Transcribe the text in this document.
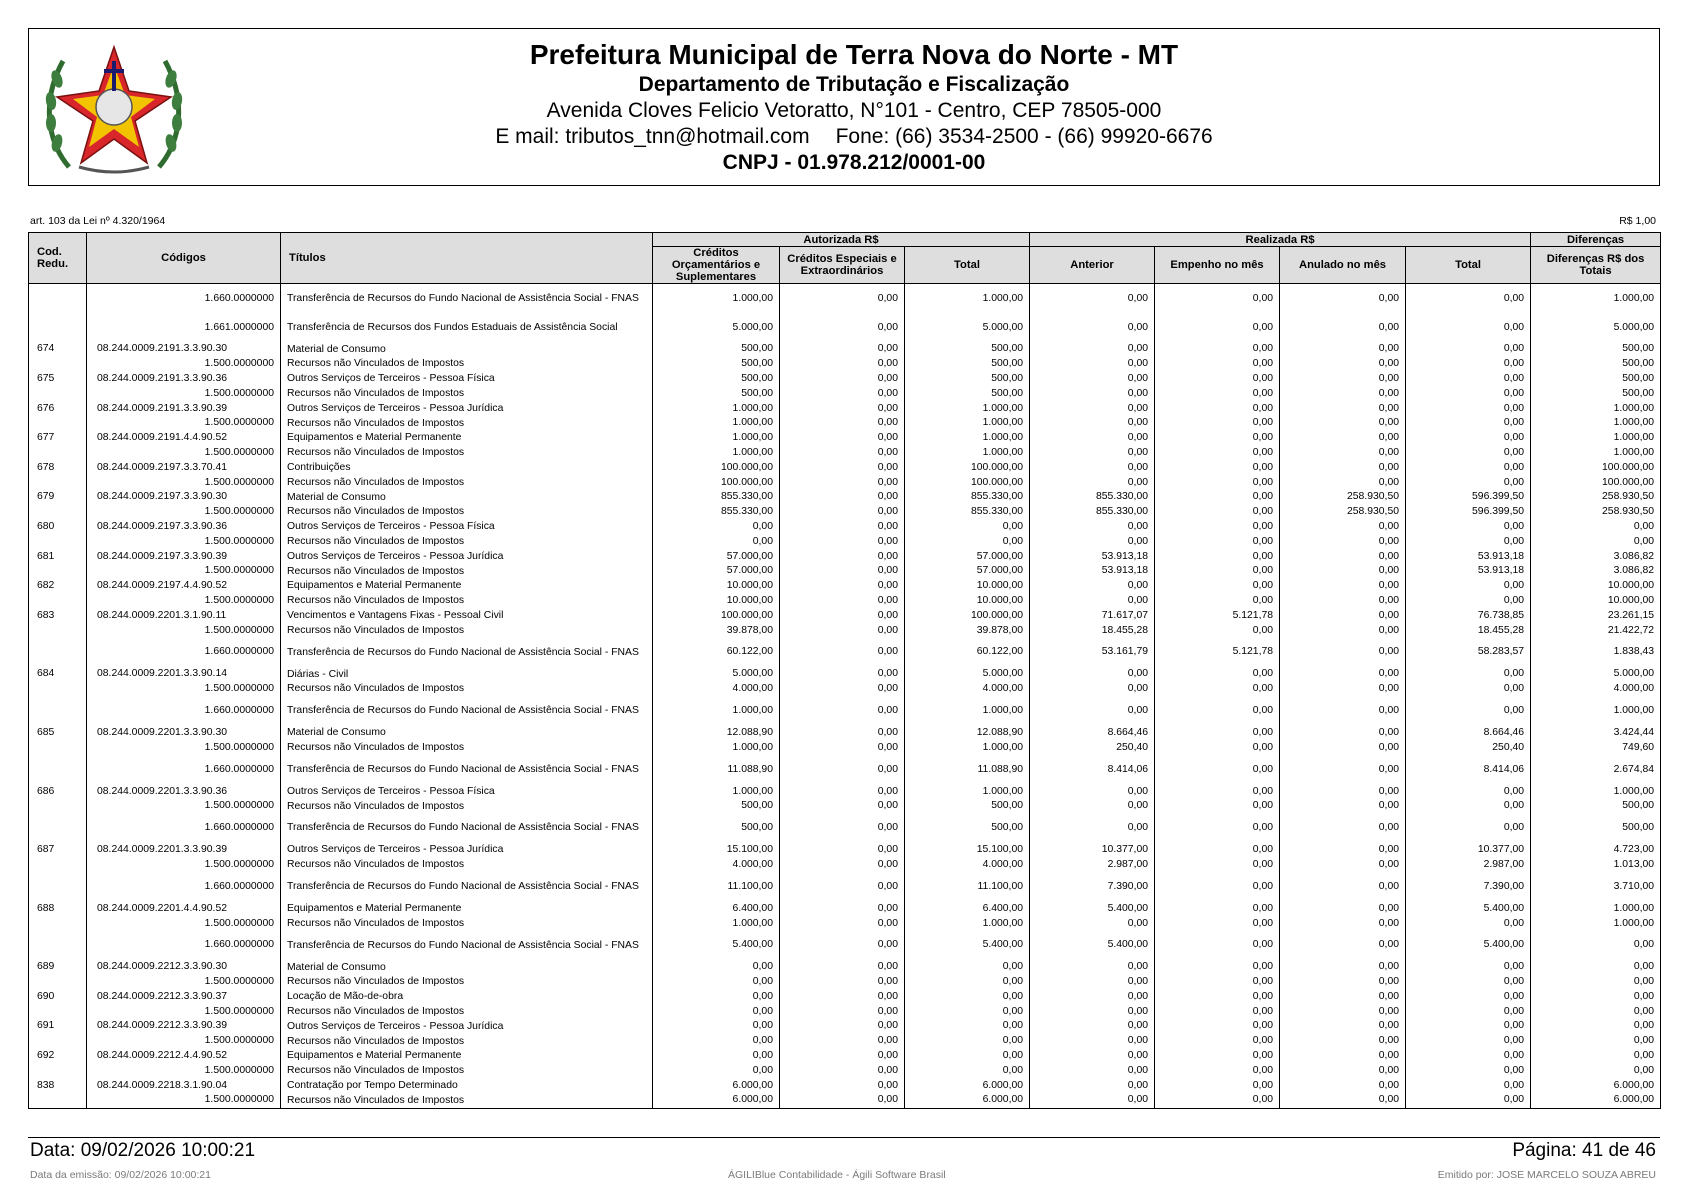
Prefeitura Municipal de Terra Nova do Norte - MT
Departamento de Tributação e Fiscalização
Avenida Cloves Felicio Vetoratto, N°101 - Centro, CEP 78505-000
E mail: tributos_tnn@hotmail.com Fone: (66) 3534-2500 - (66) 99920-6676
CNPJ - 01.978.212/0001-00
art. 103 da Lei nº 4.320/1964	R$ 1,00
Cod. Redu.	Códigos	Títulos	Autorizada R$			Realizada R$				Diferenças
			Créditos Orçamentários e Suplementares	Créditos Especiais e Extraordinários	Total	Anterior	Empenho no mês	Anulado no mês	Total	Diferenças R$ dos Totais
	1.660.0000000	Transferência de Recursos do Fundo Nacional de Assistência Social - FNAS	1.000,00	0,00	1.000,00	0,00	0,00	0,00	0,00	1.000,00
	1.661.0000000	Transferência de Recursos dos Fundos Estaduais de Assistência Social	5.000,00	0,00	5.000,00	0,00	0,00	0,00	0,00	5.000,00
674	08.244.0009.2191.3.3.90.30	Material de Consumo	500,00	0,00	500,00	0,00	0,00	0,00	0,00	500,00
	1.500.0000000	Recursos não Vinculados de Impostos	500,00	0,00	500,00	0,00	0,00	0,00	0,00	500,00
675	08.244.0009.2191.3.3.90.36	Outros Serviços de Terceiros - Pessoa Física	500,00	0,00	500,00	0,00	0,00	0,00	0,00	500,00
	1.500.0000000	Recursos não Vinculados de Impostos	500,00	0,00	500,00	0,00	0,00	0,00	0,00	500,00
676	08.244.0009.2191.3.3.90.39	Outros Serviços de Terceiros - Pessoa Jurídica	1.000,00	0,00	1.000,00	0,00	0,00	0,00	0,00	1.000,00
	1.500.0000000	Recursos não Vinculados de Impostos	1.000,00	0,00	1.000,00	0,00	0,00	0,00	0,00	1.000,00
677	08.244.0009.2191.4.4.90.52	Equipamentos e Material Permanente	1.000,00	0,00	1.000,00	0,00	0,00	0,00	0,00	1.000,00
	1.500.0000000	Recursos não Vinculados de Impostos	1.000,00	0,00	1.000,00	0,00	0,00	0,00	0,00	1.000,00
678	08.244.0009.2197.3.3.70.41	Contribuições	100.000,00	0,00	100.000,00	0,00	0,00	0,00	0,00	100.000,00
	1.500.0000000	Recursos não Vinculados de Impostos	100.000,00	0,00	100.000,00	0,00	0,00	0,00	0,00	100.000,00
679	08.244.0009.2197.3.3.90.30	Material de Consumo	855.330,00	0,00	855.330,00	855.330,00	0,00	258.930,50	596.399,50	258.930,50
	1.500.0000000	Recursos não Vinculados de Impostos	855.330,00	0,00	855.330,00	855.330,00	0,00	258.930,50	596.399,50	258.930,50
680	08.244.0009.2197.3.3.90.36	Outros Serviços de Terceiros - Pessoa Física	0,00	0,00	0,00	0,00	0,00	0,00	0,00	0,00
	1.500.0000000	Recursos não Vinculados de Impostos	0,00	0,00	0,00	0,00	0,00	0,00	0,00	0,00
681	08.244.0009.2197.3.3.90.39	Outros Serviços de Terceiros - Pessoa Jurídica	57.000,00	0,00	57.000,00	53.913,18	0,00	0,00	53.913,18	3.086,82
	1.500.0000000	Recursos não Vinculados de Impostos	57.000,00	0,00	57.000,00	53.913,18	0,00	0,00	53.913,18	3.086,82
682	08.244.0009.2197.4.4.90.52	Equipamentos e Material Permanente	10.000,00	0,00	10.000,00	0,00	0,00	0,00	0,00	10.000,00
	1.500.0000000	Recursos não Vinculados de Impostos	10.000,00	0,00	10.000,00	0,00	0,00	0,00	0,00	10.000,00
683	08.244.0009.2201.3.1.90.11	Vencimentos e Vantagens Fixas - Pessoal Civil	100.000,00	0,00	100.000,00	71.617,07	5.121,78	0,00	76.738,85	23.261,15
	1.500.0000000	Recursos não Vinculados de Impostos	39.878,00	0,00	39.878,00	18.455,28	0,00	0,00	18.455,28	21.422,72
	1.660.0000000	Transferência de Recursos do Fundo Nacional de Assistência Social - FNAS	60.122,00	0,00	60.122,00	53.161,79	5.121,78	0,00	58.283,57	1.838,43
684	08.244.0009.2201.3.3.90.14	Diárias - Civil	5.000,00	0,00	5.000,00	0,00	0,00	0,00	0,00	5.000,00
	1.500.0000000	Recursos não Vinculados de Impostos	4.000,00	0,00	4.000,00	0,00	0,00	0,00	0,00	4.000,00
	1.660.0000000	Transferência de Recursos do Fundo Nacional de Assistência Social - FNAS	1.000,00	0,00	1.000,00	0,00	0,00	0,00	0,00	1.000,00
685	08.244.0009.2201.3.3.90.30	Material de Consumo	12.088,90	0,00	12.088,90	8.664,46	0,00	0,00	8.664,46	3.424,44
	1.500.0000000	Recursos não Vinculados de Impostos	1.000,00	0,00	1.000,00	250,40	0,00	0,00	250,40	749,60
	1.660.0000000	Transferência de Recursos do Fundo Nacional de Assistência Social - FNAS	11.088,90	0,00	11.088,90	8.414,06	0,00	0,00	8.414,06	2.674,84
686	08.244.0009.2201.3.3.90.36	Outros Serviços de Terceiros - Pessoa Física	1.000,00	0,00	1.000,00	0,00	0,00	0,00	0,00	1.000,00
	1.500.0000000	Recursos não Vinculados de Impostos	500,00	0,00	500,00	0,00	0,00	0,00	0,00	500,00
	1.660.0000000	Transferência de Recursos do Fundo Nacional de Assistência Social - FNAS	500,00	0,00	500,00	0,00	0,00	0,00	0,00	500,00
687	08.244.0009.2201.3.3.90.39	Outros Serviços de Terceiros - Pessoa Jurídica	15.100,00	0,00	15.100,00	10.377,00	0,00	0,00	10.377,00	4.723,00
	1.500.0000000	Recursos não Vinculados de Impostos	4.000,00	0,00	4.000,00	2.987,00	0,00	0,00	2.987,00	1.013,00
	1.660.0000000	Transferência de Recursos do Fundo Nacional de Assistência Social - FNAS	11.100,00	0,00	11.100,00	7.390,00	0,00	0,00	7.390,00	3.710,00
688	08.244.0009.2201.4.4.90.52	Equipamentos e Material Permanente	6.400,00	0,00	6.400,00	5.400,00	0,00	0,00	5.400,00	1.000,00
	1.500.0000000	Recursos não Vinculados de Impostos	1.000,00	0,00	1.000,00	0,00	0,00	0,00	0,00	1.000,00
	1.660.0000000	Transferência de Recursos do Fundo Nacional de Assistência Social - FNAS	5.400,00	0,00	5.400,00	5.400,00	0,00	0,00	5.400,00	0,00
689	08.244.0009.2212.3.3.90.30	Material de Consumo	0,00	0,00	0,00	0,00	0,00	0,00	0,00	0,00
	1.500.0000000	Recursos não Vinculados de Impostos	0,00	0,00	0,00	0,00	0,00	0,00	0,00	0,00
690	08.244.0009.2212.3.3.90.37	Locação de Mão-de-obra	0,00	0,00	0,00	0,00	0,00	0,00	0,00	0,00
	1.500.0000000	Recursos não Vinculados de Impostos	0,00	0,00	0,00	0,00	0,00	0,00	0,00	0,00
691	08.244.0009.2212.3.3.90.39	Outros Serviços de Terceiros - Pessoa Jurídica	0,00	0,00	0,00	0,00	0,00	0,00	0,00	0,00
	1.500.0000000	Recursos não Vinculados de Impostos	0,00	0,00	0,00	0,00	0,00	0,00	0,00	0,00
692	08.244.0009.2212.4.4.90.52	Equipamentos e Material Permanente	0,00	0,00	0,00	0,00	0,00	0,00	0,00	0,00
	1.500.0000000	Recursos não Vinculados de Impostos	0,00	0,00	0,00	0,00	0,00	0,00	0,00	0,00
838	08.244.0009.2218.3.1.90.04	Contratação por Tempo Determinado	6.000,00	0,00	6.000,00	0,00	0,00	0,00	0,00	6.000,00
	1.500.0000000	Recursos não Vinculados de Impostos	6.000,00	0,00	6.000,00	0,00	0,00	0,00	0,00	6.000,00
Data: 09/02/2026 10:00:21	Página: 41 de 46
Data da emissão: 09/02/2026 10:00:21	ÁGILIBlue Contabilidade - Ágili Software Brasil	Emitido por: JOSE MARCELO SOUZA ABREU
